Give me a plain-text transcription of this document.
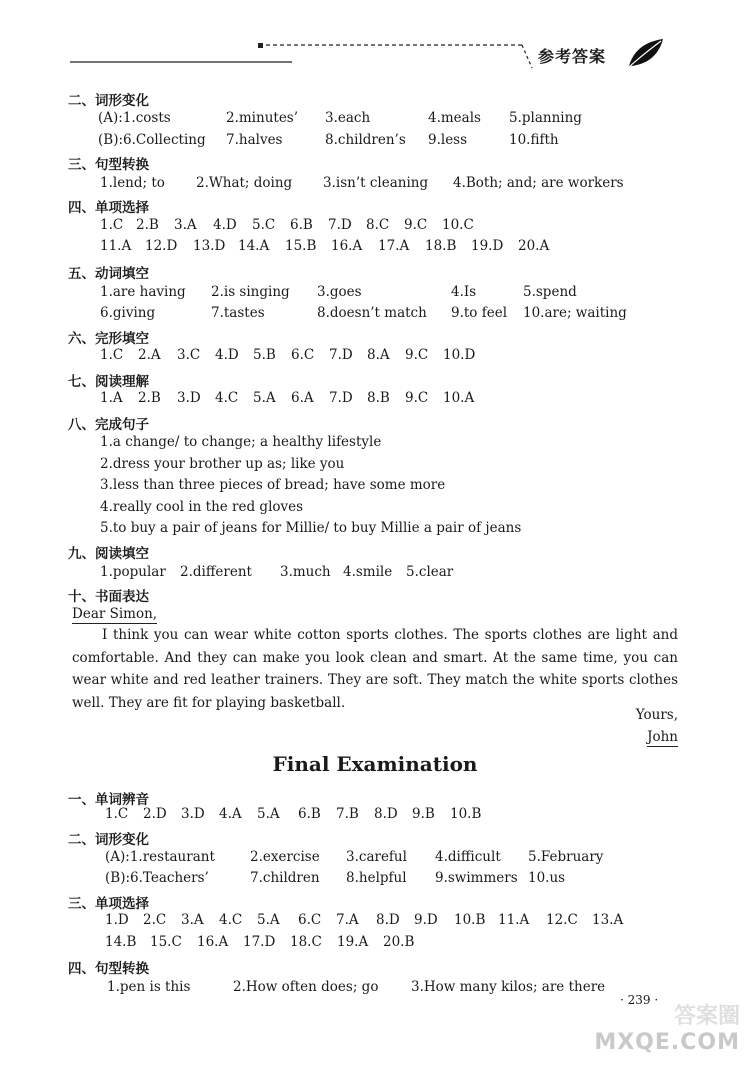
参考答案
二、词形变化
(A):1.costs	2.minutes’ 3.each	4.meals 5.planning
(B):6.Collecting 7.halves	8.children’s 9.less	10.fifth
三、句型转换
1.lend; to 2.What; doing 3.isn’t cleaning 4.Both; and; are workers
四、单项选择
1.C 2.B 3.A 4.D 5.C 6.B 7.D 8.C 9.C 10.C
11.A 12.D 13.D 14.A 15.B 16.A 17.A 18.B 19.D 20.A
五、动词填空
1.are having 2.is singing 3.goes	4.Is	5.spend
6.giving	7.tastes	8.doesn’t match 9.to feel 10.are; waiting
六、完形填空
1.C 2.A 3.C 4.D 5.B 6.C 7.D 8.A 9.C 10.D
七、阅读理解
1.A 2.B 3.D 4.C 5.A 6.A 7.D 8.B 9.C 10.A
八、完成句子
1.a change/ to change; a healthy lifestyle
2.dress your brother up as; like you
3.less than three pieces of bread; have some more
4.really cool in the red gloves
5.to buy a pair of jeans for Millie/ to buy Millie a pair of jeans
九、阅读填空
1.popular 2.different 3.much 4.smile 5.clear
十、书面表达
Dear Simon,
I think you can wear white cotton sports clothes. The sports clothes are light and comfortable. And they can make you look clean and smart. At the same time, you can wear white and red leather trainers. They are soft. They match the white sports clothes well. They are fit for playing basketball.
Yours,
John
Final Examination
一、单词辨音
1.C 2.D 3.D 4.A 5.A 6.B 7.B 8.D 9.B 10.B
二、词形变化
(A):1.restaurant	2.exercise 3.careful 4.difficult 5.February
(B):6.Teachers’	7.children 8.helpful 9.swimmers 10.us
三、单项选择
1.D 2.C 3.A 4.C 5.A 6.C 7.A 8.D 9.D 10.B 11.A 12.C 13.A
14.B 15.C 16.A 17.D 18.C 19.A 20.B
四、句型转换
1.pen is this	2.How often does; go 3.How many kilos; are there
· 239 ·
答案圈
MXQE.COM
